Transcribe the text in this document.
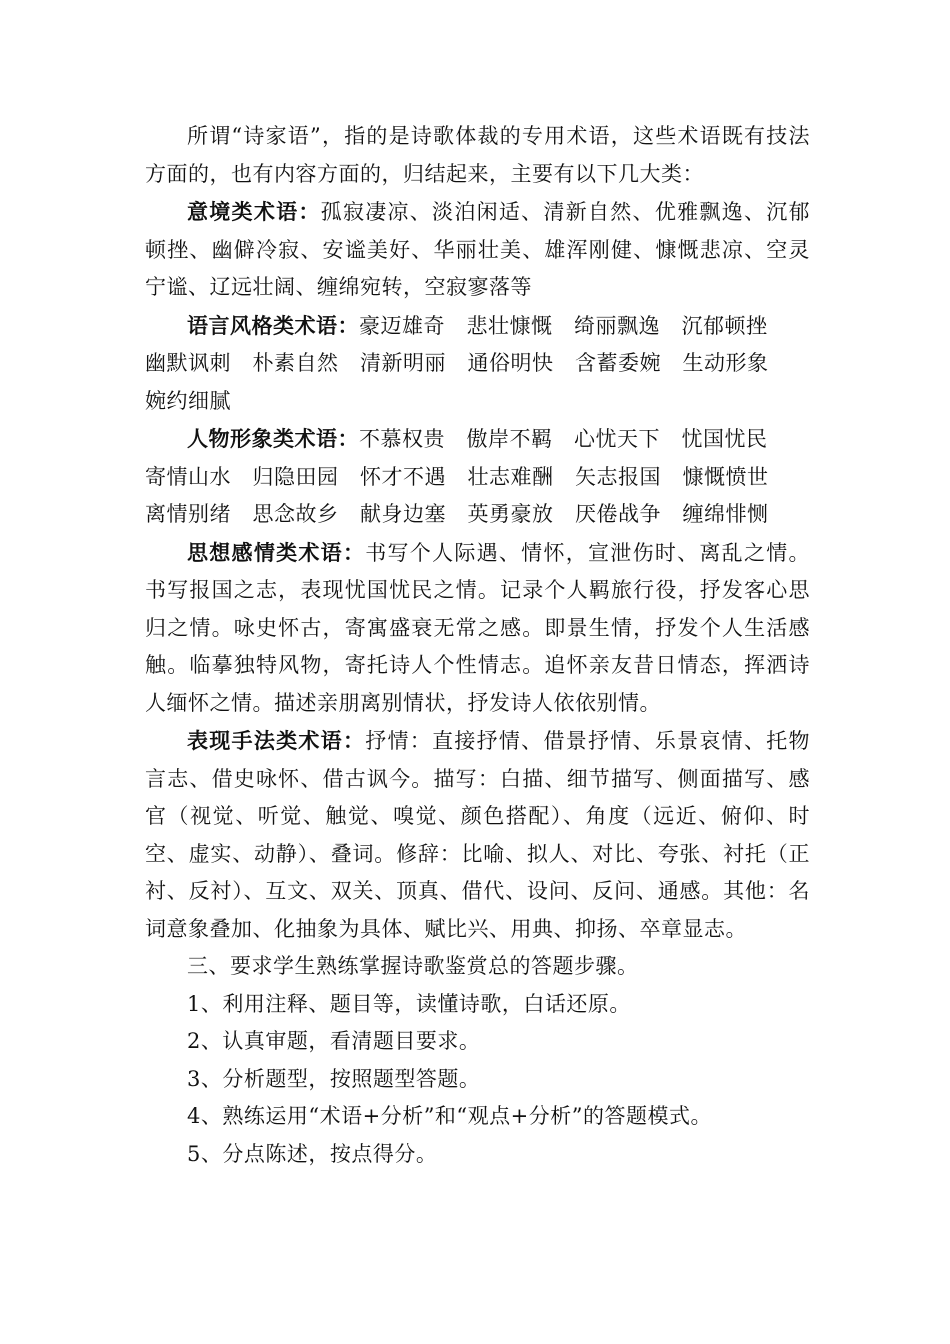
所谓“诗家语”，指的是诗歌体裁的专用术语，这些术语既有技法方面的，也有内容方面的，归结起来，主要有以下几大类：

意境类术语：孤寂凄凉、淡泊闲适、清新自然、优雅飘逸、沉郁顿挫、幽僻冷寂、安谧美好、华丽壮美、雄浑刚健、慷慨悲凉、空灵宁谧、辽远壮阔、缠绵宛转，空寂寥落等

语言风格类术语：豪迈雄奇　悲壮慷慨　绮丽飘逸　沉郁顿挫　幽默讽刺　朴素自然　清新明丽　通俗明快　含蓄委婉　生动形象　婉约细腻

人物形象类术语：不慕权贵　傲岸不羁　心忧天下　忧国忧民　寄情山水　归隐田园　怀才不遇　壮志难酬　矢志报国　慷慨愤世　离情别绪　思念故乡　献身边塞　英勇豪放　厌倦战争　缠绵悱恻

思想感情类术语：书写个人际遇、情怀，宣泄伤时、离乱之情。书写报国之志，表现忧国忧民之情。记录个人羁旅行役，抒发客心思归之情。咏史怀古，寄寓盛衰无常之感。即景生情，抒发个人生活感触。临摹独特风物，寄托诗人个性情志。追怀亲友昔日情态，挥洒诗人缅怀之情。描述亲朋离别情状，抒发诗人依依别情。

表现手法类术语：抒情：直接抒情、借景抒情、乐景哀情、托物言志、借史咏怀、借古讽今。描写：白描、细节描写、侧面描写、感官（视觉、听觉、触觉、嗅觉、颜色搭配）、角度（远近、俯仰、时空、虚实、动静）、叠词。修辞：比喻、拟人、对比、夸张、衬托（正衬、反衬）、互文、双关、顶真、借代、设问、反问、通感。其他：名词意象叠加、化抽象为具体、赋比兴、用典、抑扬、卒章显志。

三、要求学生熟练掌握诗歌鉴赏总的答题步骤。

1、利用注释、题目等，读懂诗歌，白话还原。

2、认真审题，看清题目要求。

3、分析题型，按照题型答题。

4、熟练运用“术语+分析”和“观点+分析”的答题模式。

5、分点陈述，按点得分。
